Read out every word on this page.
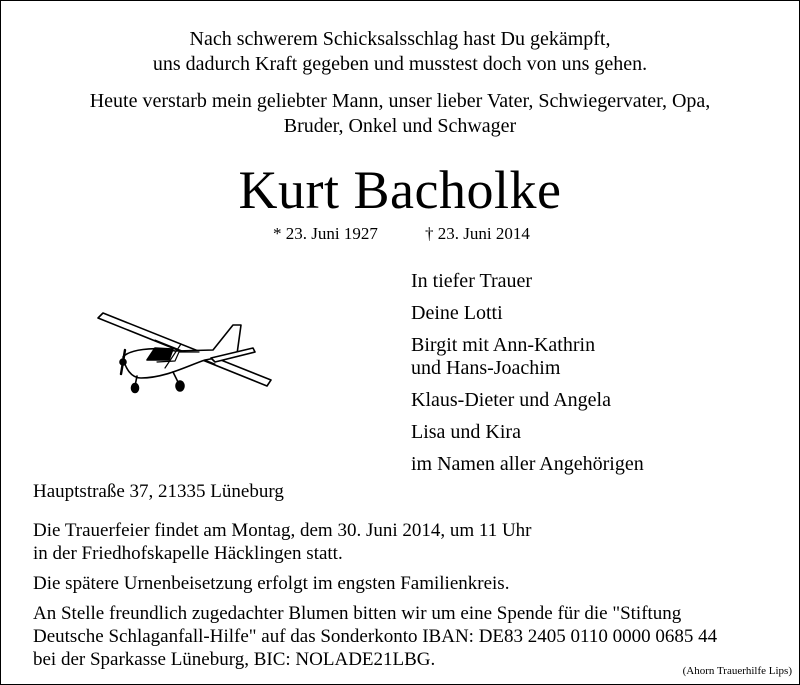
Nach schwerem Schicksalsschlag hast Du gekämpft,
uns dadurch Kraft gegeben und musstest doch von uns gehen.
Heute verstarb mein geliebter Mann, unser lieber Vater, Schwiegervater, Opa,
Bruder, Onkel und Schwager
Kurt Bacholke
* 23. Juni 1927	† 23. Juni 2014
In tiefer Trauer
Deine Lotti
Birgit mit Ann-Kathrin
und Hans-Joachim
Klaus-Dieter und Angela
Lisa und Kira
im Namen aller Angehörigen
Hauptstraße 37, 21335 Lüneburg
Die Trauerfeier findet am Montag, dem 30. Juni 2014, um 11 Uhr
in der Friedhofskapelle Häcklingen statt.
Die spätere Urnenbeisetzung erfolgt im engsten Familienkreis.
An Stelle freundlich zugedachter Blumen bitten wir um eine Spende für die "Stiftung
Deutsche Schlaganfall-Hilfe" auf das Sonderkonto IBAN: DE83 2405 0110 0000 0685 44
bei der Sparkasse Lüneburg, BIC: NOLADE21LBG.
(Ahorn Trauerhilfe Lips)
